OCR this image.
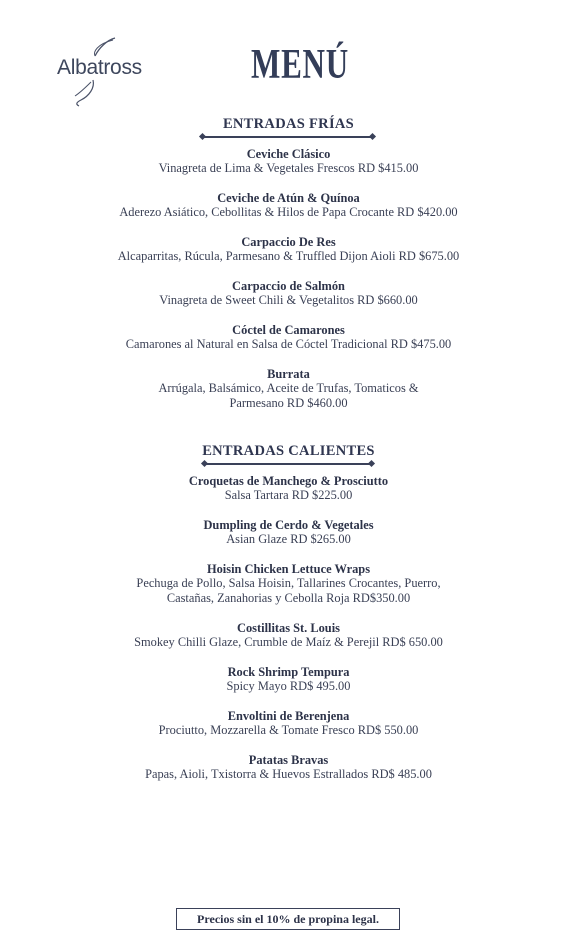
Albatross	MENÚ
ENTRADAS FRÍAS
Ceviche Clásico
Vinagreta de Lima & Vegetales Frescos RD $415.00
Ceviche de Atún & Quínoa
Aderezo Asiático, Cebollitas & Hilos de Papa Crocante RD $420.00
Carpaccio De Res
Alcaparritas, Rúcula, Parmesano & Truffled Dijon Aioli RD $675.00
Carpaccio de Salmón
Vinagreta de Sweet Chili & Vegetalitos RD $660.00
Cóctel de Camarones
Camarones al Natural en Salsa de Cóctel Tradicional RD $475.00
Burrata
Arrúgala, Balsámico, Aceite de Trufas, Tomaticos & Parmesano RD $460.00
ENTRADAS CALIENTES
Croquetas de Manchego & Prosciutto
Salsa Tartara RD $225.00
Dumpling de Cerdo & Vegetales
Asian Glaze RD $265.00
Hoisin Chicken Lettuce Wraps
Pechuga de Pollo, Salsa Hoisin, Tallarines Crocantes, Puerro, Castañas, Zanahorias y Cebolla Roja RD$350.00
Costillitas St. Louis
Smokey Chilli Glaze, Crumble de Maíz & Perejil RD$ 650.00
Rock Shrimp Tempura
Spicy Mayo RD$ 495.00
Envoltini de Berenjena
Prociutto, Mozzarella & Tomate Fresco RD$ 550.00
Patatas Bravas
Papas, Aioli, Txistorra & Huevos Estrallados RD$ 485.00
Precios sin el 10% de propina legal.
